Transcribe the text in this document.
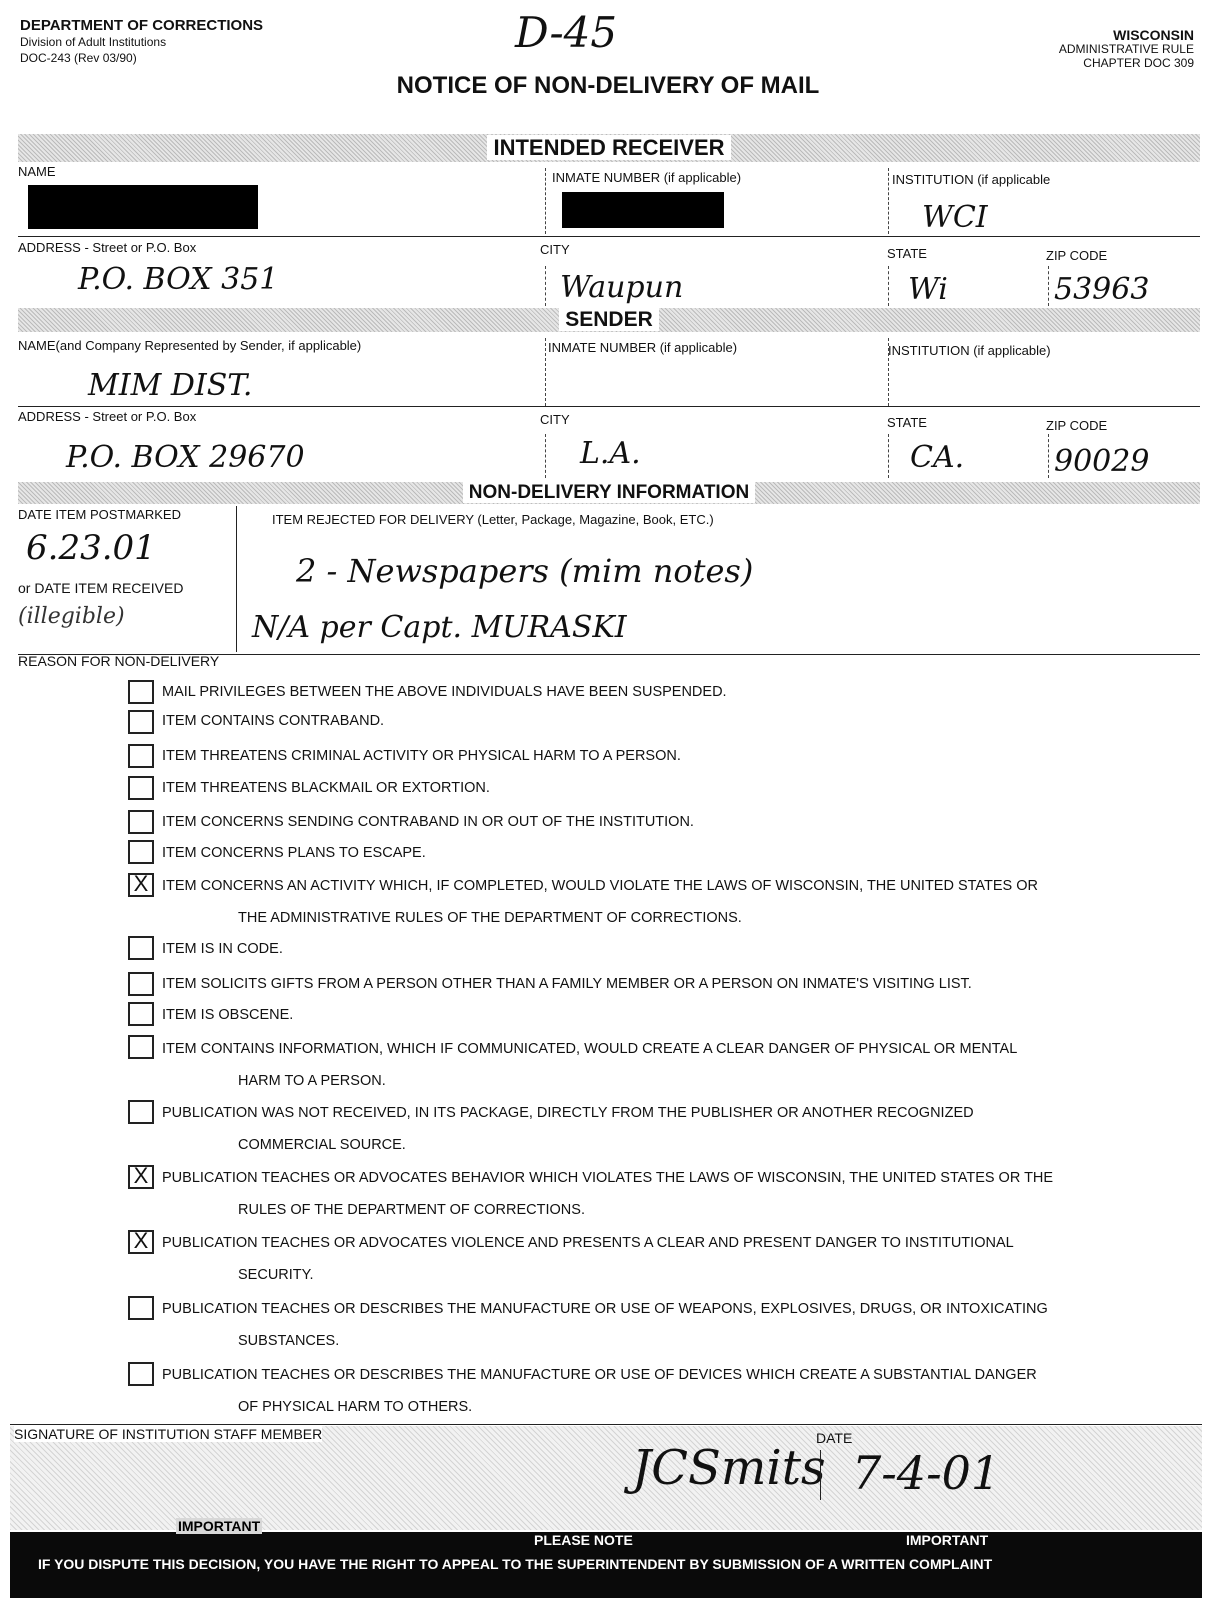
DEPARTMENT OF CORRECTIONS
Division of Adult Institutions
DOC-243 (Rev 03/90)
D-45
NOTICE OF NON-DELIVERY OF MAIL
WISCONSIN
ADMINISTRATIVE RULE
CHAPTER DOC 309
INTENDED RECEIVER
NAME	INMATE NUMBER (if applicable)	INSTITUTION (if applicable
WCI
ADDRESS - Street or P.O. Box
P.O. BOX 351
CITY
Waupun
STATE
Wi
ZIP CODE
53963
SENDER
NAME(and Company Represented by Sender, if applicable)
MIM DIST.
INMATE NUMBER (if applicable)	INSTITUTION (if applicable)
ADDRESS - Street or P.O. Box
P.O. BOX 29670
CITY
L.A.
STATE
CA.
ZIP CODE
90029
NON-DELIVERY INFORMATION
DATE ITEM POSTMARKED
6.23.01
or DATE ITEM RECEIVED
(illegible)
ITEM REJECTED FOR DELIVERY (Letter, Package, Magazine, Book, ETC.)
2 - Newspapers (mim notes)
N/A per Capt. MURASKI
REASON FOR NON-DELIVERY
MAIL PRIVILEGES BETWEEN THE ABOVE INDIVIDUALS HAVE BEEN SUSPENDED.
ITEM CONTAINS CONTRABAND.
ITEM THREATENS CRIMINAL ACTIVITY OR PHYSICAL HARM TO A PERSON.
ITEM THREATENS BLACKMAIL OR EXTORTION.
ITEM CONCERNS SENDING CONTRABAND IN OR OUT OF THE INSTITUTION.
ITEM CONCERNS PLANS TO ESCAPE.
X ITEM CONCERNS AN ACTIVITY WHICH, IF COMPLETED, WOULD VIOLATE THE LAWS OF WISCONSIN, THE UNITED STATES OR
THE ADMINISTRATIVE RULES OF THE DEPARTMENT OF CORRECTIONS.
ITEM IS IN CODE.
ITEM SOLICITS GIFTS FROM A PERSON OTHER THAN A FAMILY MEMBER OR A PERSON ON INMATE'S VISITING LIST.
ITEM IS OBSCENE.
ITEM CONTAINS INFORMATION, WHICH IF COMMUNICATED, WOULD CREATE A CLEAR DANGER OF PHYSICAL OR MENTAL
HARM TO A PERSON.
PUBLICATION WAS NOT RECEIVED, IN ITS PACKAGE, DIRECTLY FROM THE PUBLISHER OR ANOTHER RECOGNIZED
COMMERCIAL SOURCE.
X PUBLICATION TEACHES OR ADVOCATES BEHAVIOR WHICH VIOLATES THE LAWS OF WISCONSIN, THE UNITED STATES OR THE
RULES OF THE DEPARTMENT OF CORRECTIONS.
X PUBLICATION TEACHES OR ADVOCATES VIOLENCE AND PRESENTS A CLEAR AND PRESENT DANGER TO INSTITUTIONAL
SECURITY.
PUBLICATION TEACHES OR DESCRIBES THE MANUFACTURE OR USE OF WEAPONS, EXPLOSIVES, DRUGS, OR INTOXICATING
SUBSTANCES.
PUBLICATION TEACHES OR DESCRIBES THE MANUFACTURE OR USE OF DEVICES WHICH CREATE A SUBSTANTIAL DANGER
OF PHYSICAL HARM TO OTHERS.
SIGNATURE OF INSTITUTION STAFF MEMBER
JCSmits
DATE
7-4-01
IMPORTANT
PLEASE NOTE	IMPORTANT
IF YOU DISPUTE THIS DECISION, YOU HAVE THE RIGHT TO APPEAL TO THE SUPERINTENDENT BY SUBMISSION OF A WRITTEN COMPLAINT
